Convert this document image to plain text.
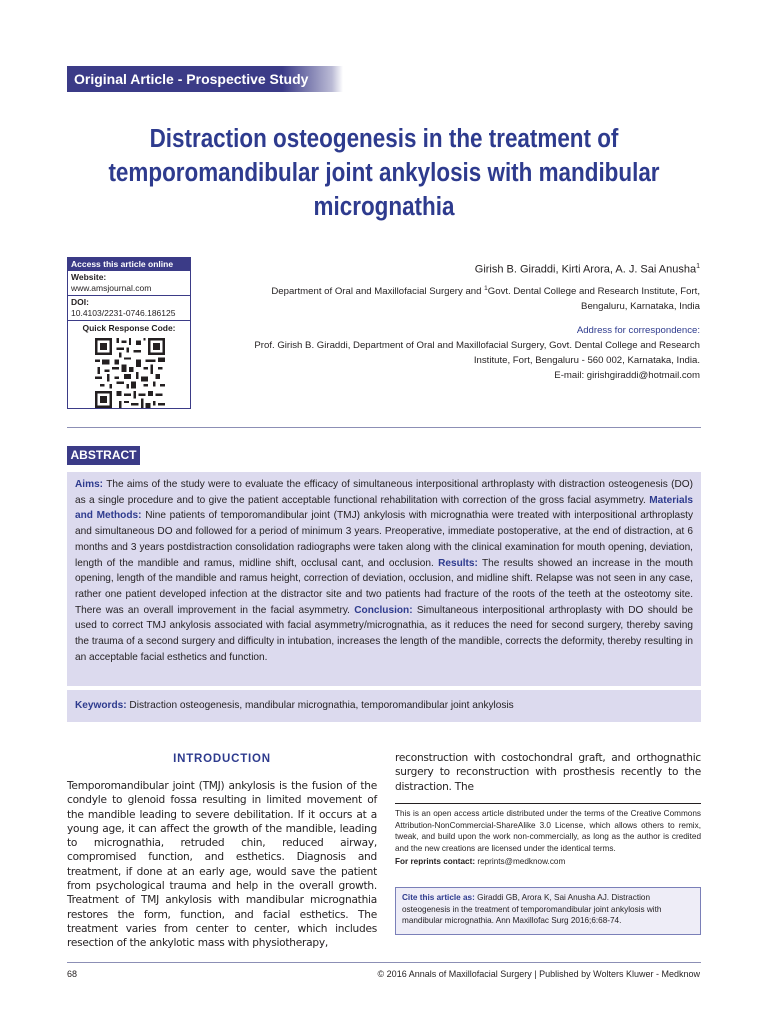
Original Article - Prospective Study
Distraction osteogenesis in the treatment of temporomandibular joint ankylosis with mandibular micrognathia
Access this article online
Website:
www.amsjournal.com
DOI:
10.4103/2231-0746.186125
Quick Response Code:
Girish B. Giraddi, Kirti Arora, A. J. Sai Anusha$^1$
Department of Oral and Maxillofacial Surgery and $^1$Govt. Dental College and Research Institute, Fort, Bengaluru, Karnataka, India
Address for correspondence:
Prof. Girish B. Giraddi, Department of Oral and Maxillofacial Surgery, Govt. Dental College and Research Institute, Fort, Bengaluru - 560 002, Karnataka, India.
E-mail: girishgiraddi@hotmail.com
ABSTRACT
Aims: The aims of the study were to evaluate the efficacy of simultaneous interpositional arthroplasty with distraction osteogenesis (DO) as a single procedure and to give the patient acceptable functional rehabilitation with correction of the gross facial asymmetry. Materials and Methods: Nine patients of temporomandibular joint (TMJ) ankylosis with micrognathia were treated with interpositional arthroplasty and simultaneous DO and followed for a period of minimum 3 years. Preoperative, immediate postoperative, at the end of distraction, at 6 months and 3 years postdistraction consolidation radiographs were taken along with the clinical examination for mouth opening, deviation, length of the mandible and ramus, midline shift, occlusal cant, and occlusion. Results: The results showed an increase in the mouth opening, length of the mandible and ramus height, correction of deviation, occlusion, and midline shift. Relapse was not seen in any case, rather one patient developed infection at the distractor site and two patients had fracture of the roots of the teeth at the osteotomy site. There was an overall improvement in the facial asymmetry. Conclusion: Simultaneous interpositional arthroplasty with DO should be used to correct TMJ ankylosis associated with facial asymmetry/micrognathia, as it reduces the need for second surgery, thereby saving the trauma of a second surgery and difficulty in intubation, increases the length of the mandible, corrects the deformity, thereby resulting in an acceptable facial esthetics and function.
Keywords: Distraction osteogenesis, mandibular micrognathia, temporomandibular joint ankylosis
INTRODUCTION
Temporomandibular joint (TMJ) ankylosis is the fusion of the condyle to glenoid fossa resulting in limited movement of the mandible leading to severe debilitation. If it occurs at a young age, it can affect the growth of the mandible, leading to micrognathia, retruded chin, reduced airway, compromised function, and esthetics. Diagnosis and treatment, if done at an early age, would save the patient from psychological trauma and help in the overall growth. Treatment of TMJ ankylosis with mandibular micrognathia restores the form, function, and facial esthetics. The treatment varies from center to center, which includes resection of the ankylotic mass with physiotherapy,
reconstruction with costochondral graft, and orthognathic surgery to reconstruction with prosthesis recently to the distraction. The
This is an open access article distributed under the terms of the Creative Commons Attribution-NonCommercial-ShareAlike 3.0 License, which allows others to remix, tweak, and build upon the work non-commercially, as long as the author is credited and the new creations are licensed under the identical terms.
For reprints contact: reprints@medknow.com
Cite this article as: Giraddi GB, Arora K, Sai Anusha AJ. Distraction osteogenesis in the treatment of temporomandibular joint ankylosis with mandibular micrognathia. Ann Maxillofac Surg 2016;6:68-74.
68	© 2016 Annals of Maxillofacial Surgery | Published by Wolters Kluwer - Medknow
